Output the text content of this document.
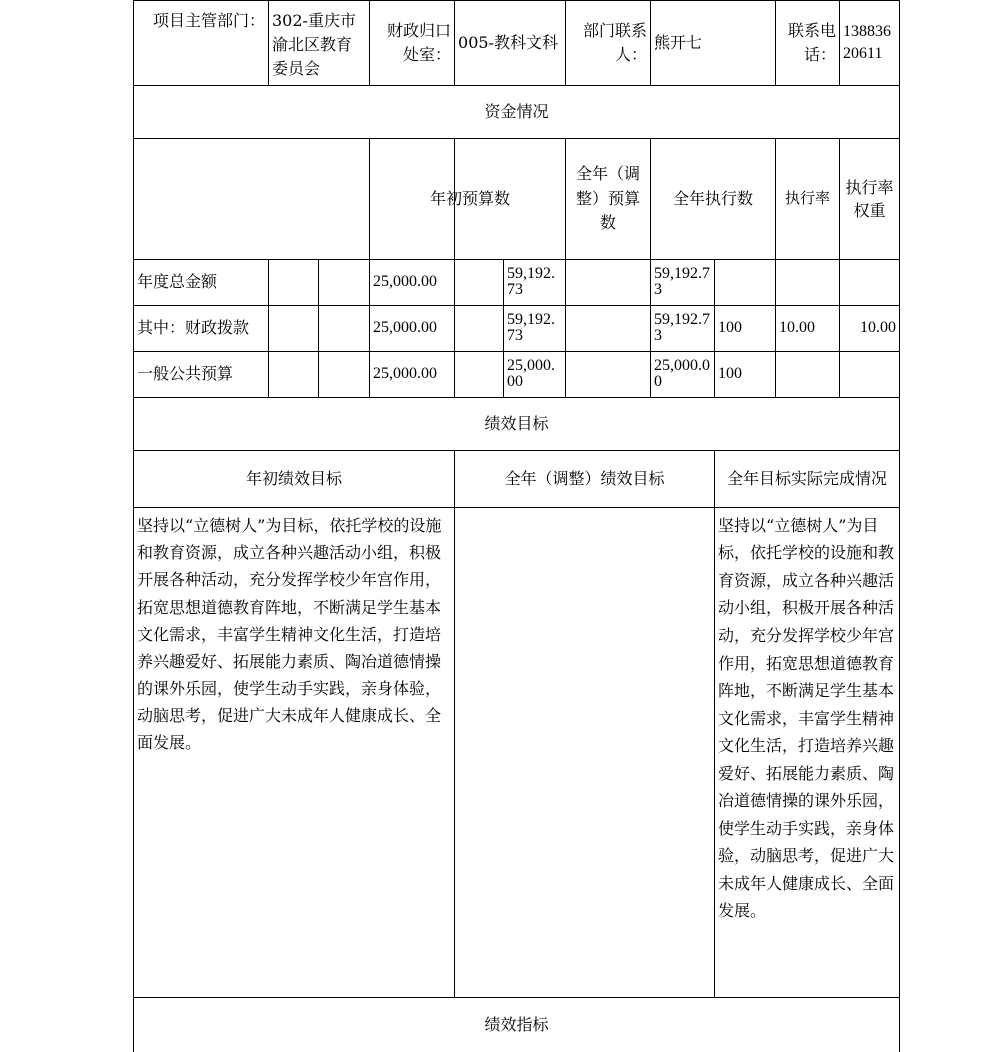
项目主管部门：	302-重庆市渝北区教育委员会	财政归口处室：	005-教科文科	部门联系人：	熊开七	联系电话：	13883620611
资金情况
		年初预算数	全年（调整）预算数	全年执行数	执行率	执行率权重	
年度总金额			25,000.00		59,192.73		59,192.73			
其中：财政拨款			25,000.00		59,192.73		59,192.73	100	10.00	10.00
一般公共预算			25,000.00		25,000.00		25,000.00	100		
绩效目标
年初绩效目标	全年（调整）绩效目标	全年目标实际完成情况
坚持以“立德树人”为目标，依托学校的设施和教育资源，成立各种兴趣活动小组，积极开展各种活动，充分发挥学校少年宫作用，拓宽思想道德教育阵地，不断满足学生基本文化需求，丰富学生精神文化生活，打造培养兴趣爱好、拓展能力素质、陶冶道德情操的课外乐园，使学生动手实践，亲身体验，动脑思考，促进广大未成年人健康成长、全面发展。		坚持以“立德树人”为目标，依托学校的设施和教育资源，成立各种兴趣活动小组，积极开展各种活动，充分发挥学校少年宫作用，拓宽思想道德教育阵地，不断满足学生基本文化需求，丰富学生精神文化生活，打造培养兴趣爱好、拓展能力素质、陶冶道德情操的课外乐园，使学生动手实践，亲身体验，动脑思考，促进广大未成年人健康成长、全面发展。
绩效指标
